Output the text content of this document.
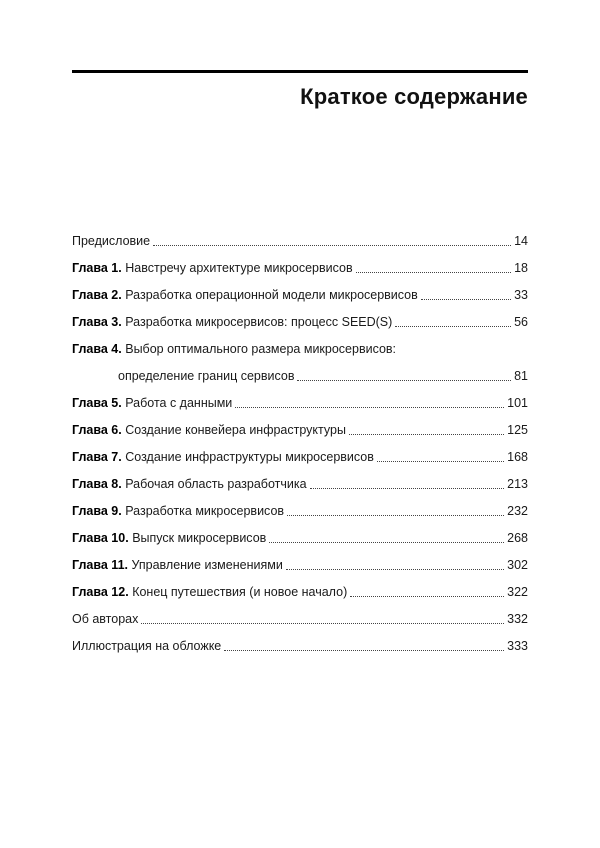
Краткое содержание
Предисловие	14
Глава 1. Навстречу архитектуре микросервисов	18
Глава 2. Разработка операционной модели микросервисов	33
Глава 3. Разработка микросервисов: процесс SEED(S)	56
Глава 4. Выбор оптимального размера микросервисов:
определение границ сервисов	81
Глава 5. Работа с данными	101
Глава 6. Создание конвейера инфраструктуры	125
Глава 7. Создание инфраструктуры микросервисов	168
Глава 8. Рабочая область разработчика	213
Глава 9. Разработка микросервисов	232
Глава 10. Выпуск микросервисов	268
Глава 11. Управление изменениями	302
Глава 12. Конец путешествия (и новое начало)	322
Об авторах	332
Иллюстрация на обложке	333
